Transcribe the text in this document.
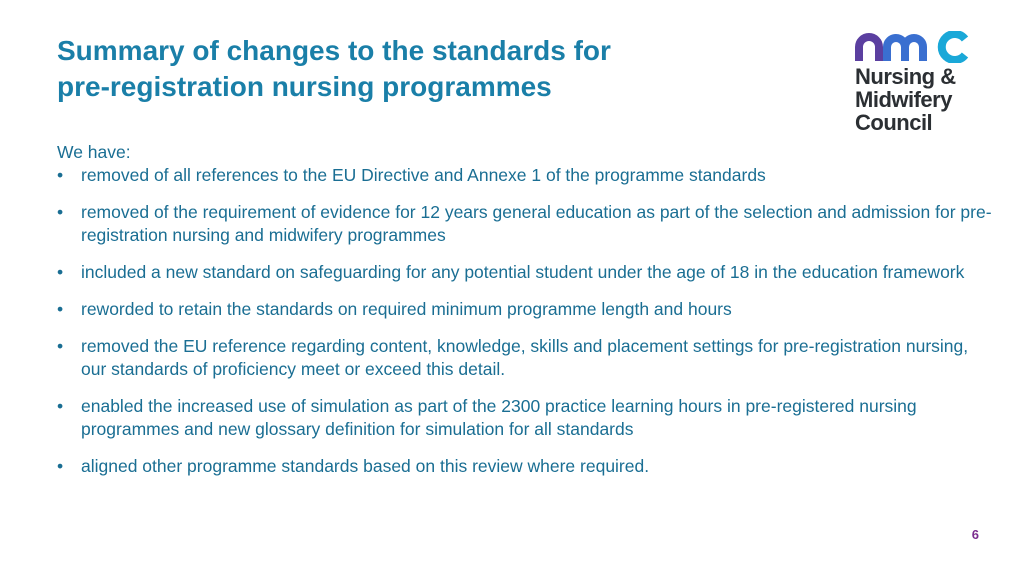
Summary of changes to the standards for
pre-registration nursing programmes	Nursing &
Midwifery
Council

We have:

• removed of all references to the EU Directive and Annexe 1 of the programme standards
• removed of the requirement of evidence for 12 years general education as part of the selection and admission for pre-registration nursing and midwifery programmes
• included a new standard on safeguarding for any potential student under the age of 18 in the education framework
• reworded to retain the standards on required minimum programme length and hours
• removed the EU reference regarding content, knowledge, skills and placement settings for pre-registration nursing, our standards of proficiency meet or exceed this detail.
• enabled the increased use of simulation as part of the 2300 practice learning hours in pre-registered nursing programmes and new glossary definition for simulation for all standards
• aligned other programme standards based on this review where required.
6
